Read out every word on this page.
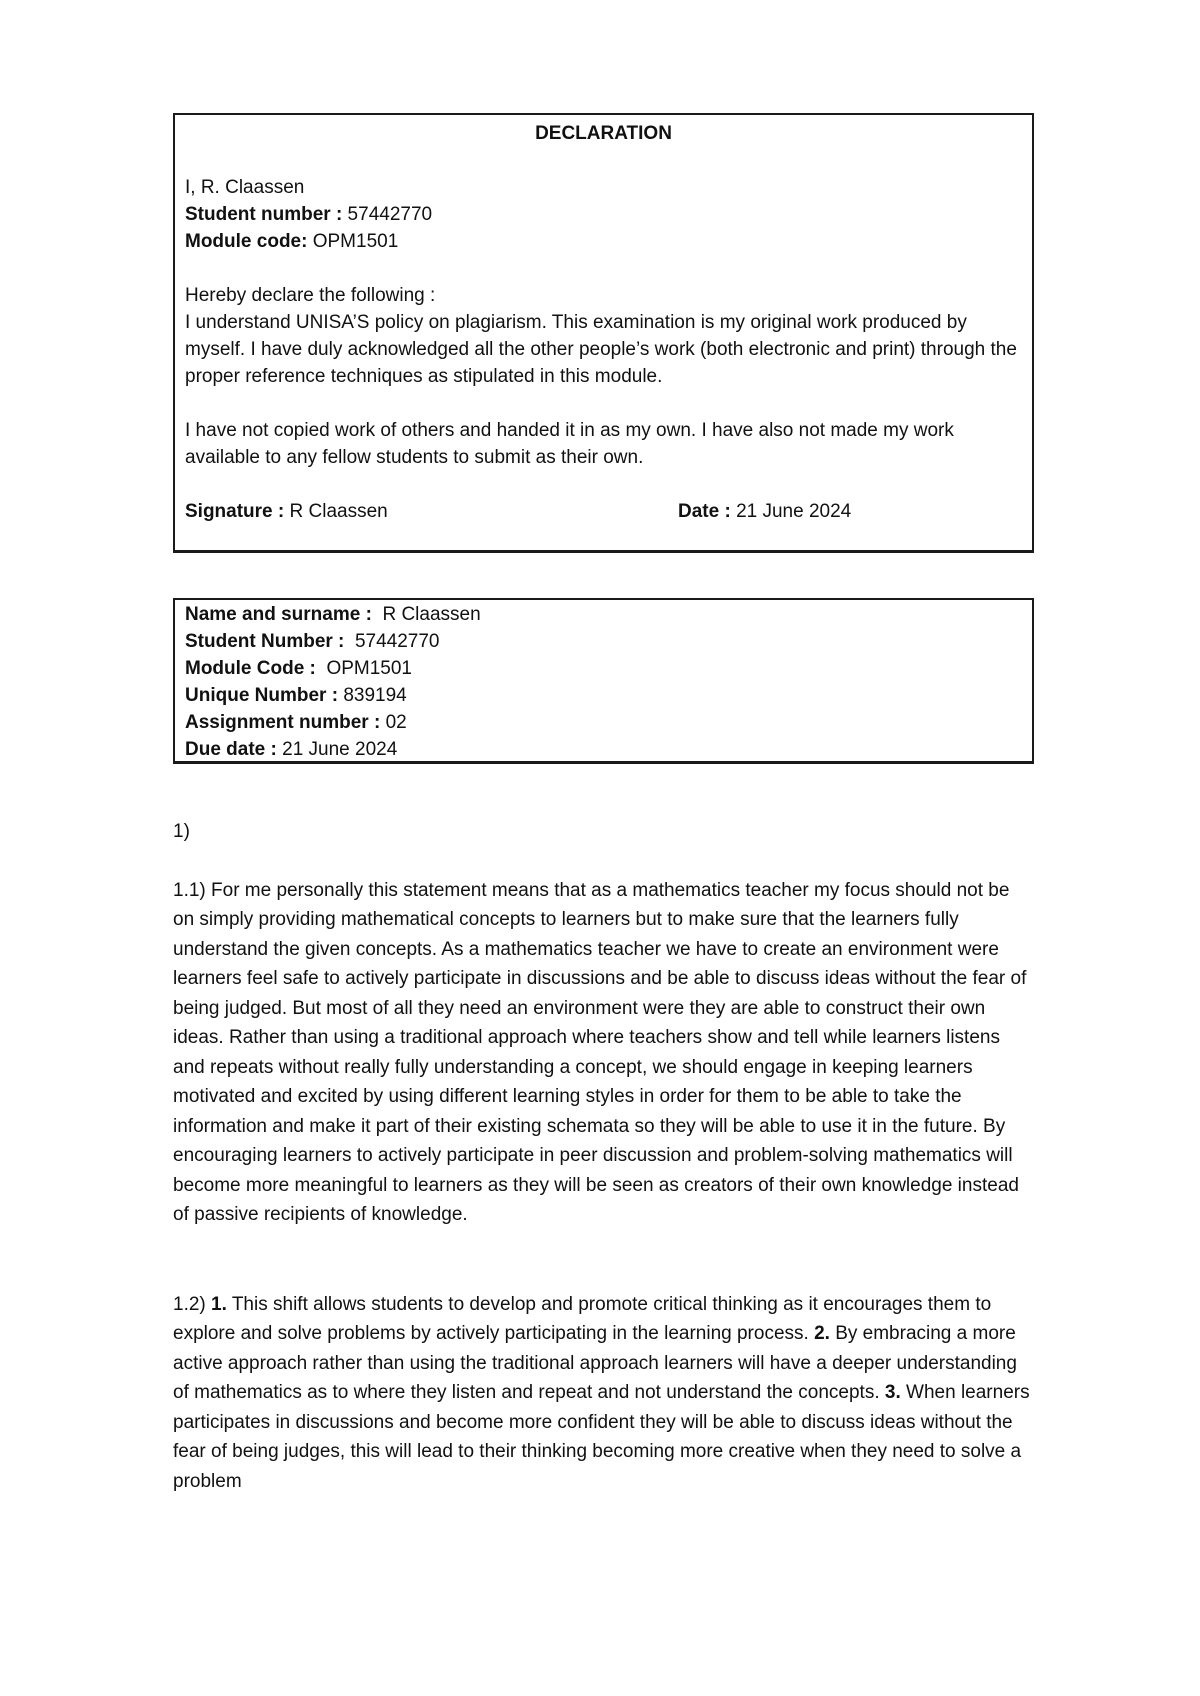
DECLARATION

I, R. Claassen

Student number : 57442770

Module code: OPM1501

Hereby declare the following :

I understand UNISA’S policy on plagiarism. This examination is my original work produced by myself. I have duly acknowledged all the other people’s work (both electronic and print) through the proper reference techniques as stipulated in this module.

I have not copied work of others and handed it in as my own. I have also not made my work available to any fellow students to submit as their own.

Signature : R Claassen	Date : 21 June 2024

Name and surname :  R Claassen

Student Number :  57442770

Module Code :  OPM1501

Unique Number : 839194

Assignment number : 02

Due date : 21 June 2024

1)

1.1) For me personally this statement means that as a mathematics teacher my focus should not be on simply providing mathematical concepts to learners but to make sure that the learners fully understand the given concepts. As a mathematics teacher we have to create an environment were learners feel safe to actively participate in discussions and be able to discuss ideas without the fear of being judged. But most of all they need an environment were they are able to construct their own ideas. Rather than using a traditional approach where teachers show and tell while learners listens and repeats without really fully understanding a concept, we should engage in keeping learners motivated and excited by using different learning styles in order for them to be able to take the information and make it part of their existing schemata so they will be able to use it in the future. By encouraging learners to actively participate in peer discussion and problem-solving mathematics will become more meaningful to learners as they will be seen as creators of their own knowledge instead of passive recipients of knowledge.

1.2) 1. This shift allows students to develop and promote critical thinking as it encourages them to explore and solve problems by actively participating in the learning process. 2. By embracing a more active approach rather than using the traditional approach learners will have a deeper understanding of mathematics as to where they listen and repeat and not understand the concepts. 3. When learners participates in discussions and become more confident they will be able to discuss ideas without the fear of being judges, this will lead to their thinking becoming more creative when they need to solve a problem
